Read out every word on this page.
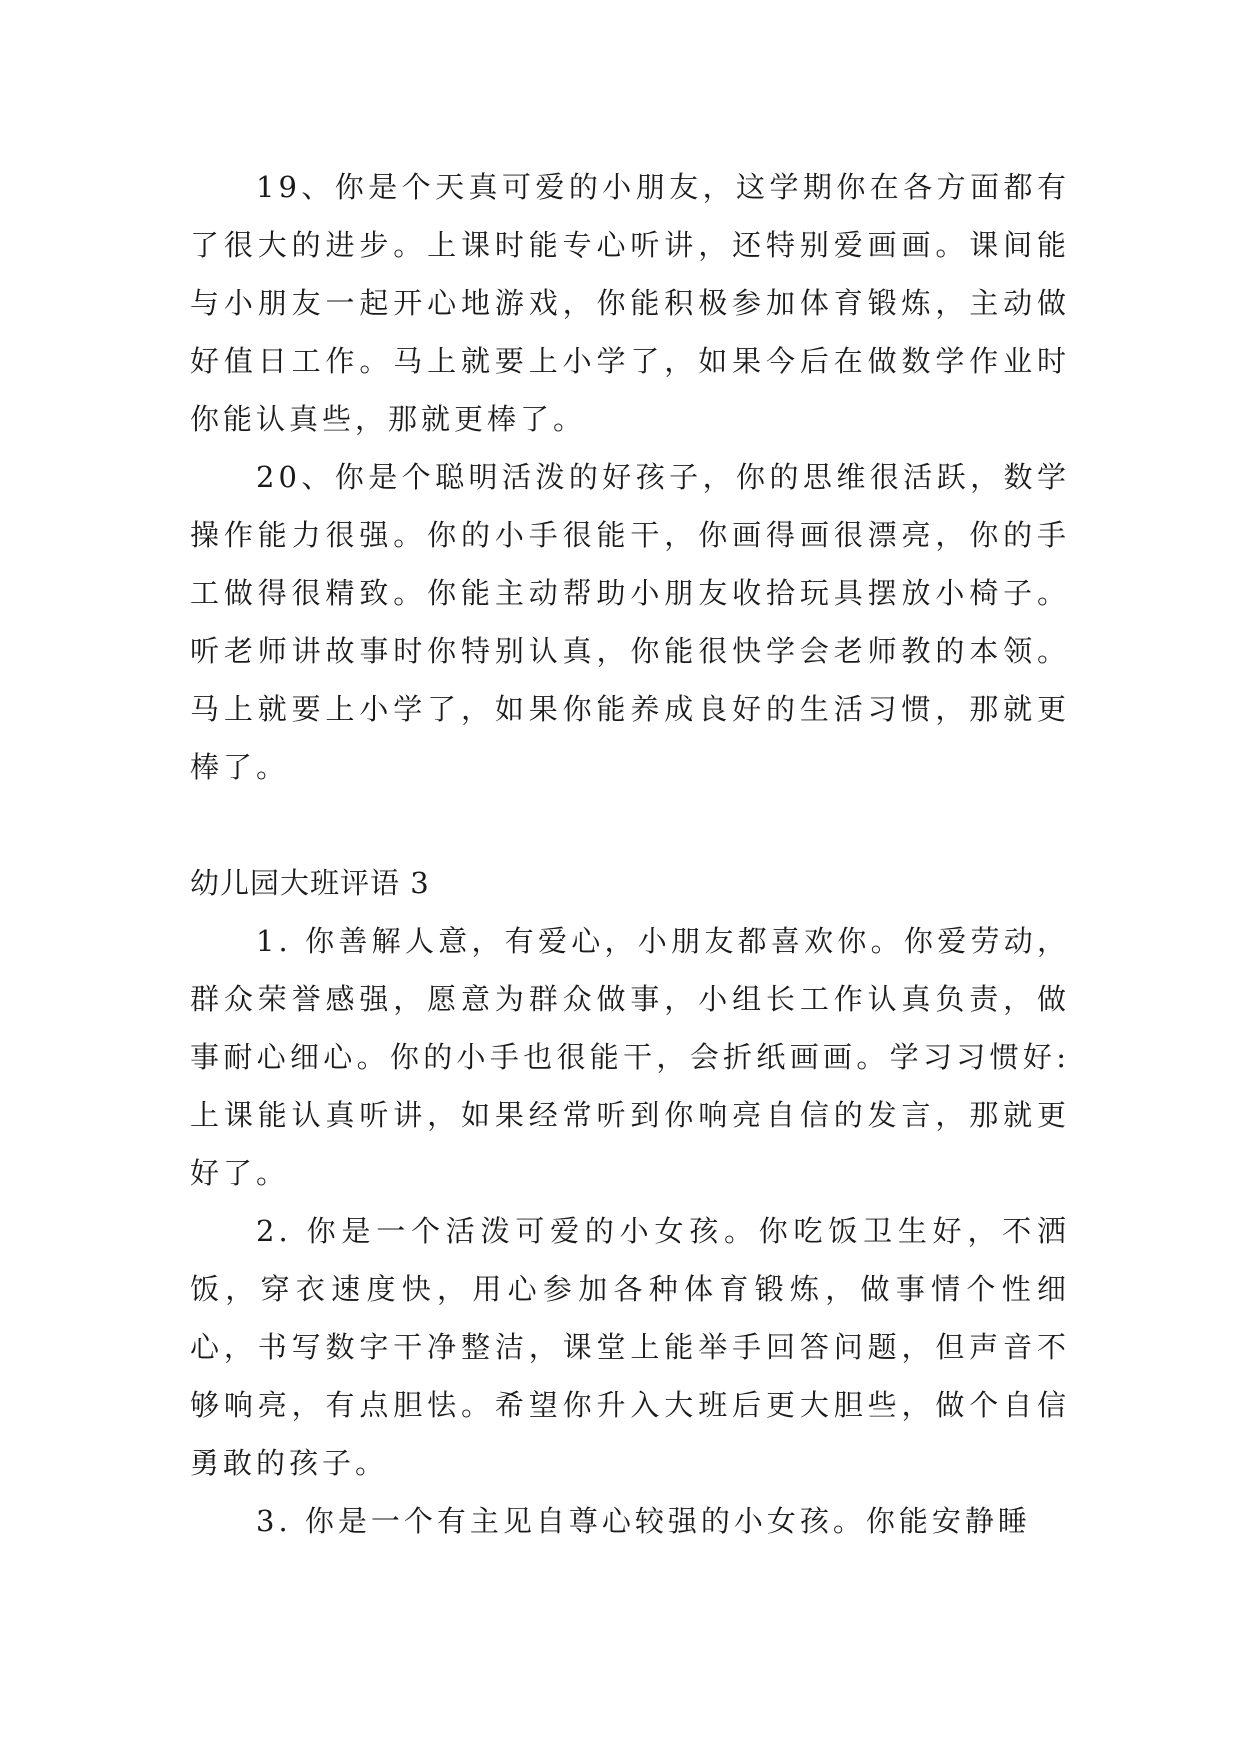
19、你是个天真可爱的小朋友，这学期你在各方面都有了很大的进步。上课时能专心听讲，还特别爱画画。课间能与小朋友一起开心地游戏，你能积极参加体育锻炼，主动做好值日工作。马上就要上小学了，如果今后在做数学作业时你能认真些，那就更棒了。

20、你是个聪明活泼的好孩子，你的思维很活跃，数学操作能力很强。你的小手很能干，你画得画很漂亮，你的手工做得很精致。你能主动帮助小朋友收拾玩具摆放小椅子。听老师讲故事时你特别认真，你能很快学会老师教的本领。马上就要上小学了，如果你能养成良好的生活习惯，那就更棒了。

幼儿园大班评语 3

1. 你善解人意，有爱心，小朋友都喜欢你。你爱劳动，群众荣誉感强，愿意为群众做事，小组长工作认真负责，做事耐心细心。你的小手也很能干，会折纸画画。学习习惯好:上课能认真听讲，如果经常听到你响亮自信的发言，那就更好了。

2. 你是一个活泼可爱的小女孩。你吃饭卫生好，不洒饭，穿衣速度快，用心参加各种体育锻炼，做事情个性细心，书写数字干净整洁，课堂上能举手回答问题，但声音不够响亮，有点胆怯。希望你升入大班后更大胆些，做个自信勇敢的孩子。

3. 你是一个有主见自尊心较强的小女孩。你能安静睡
